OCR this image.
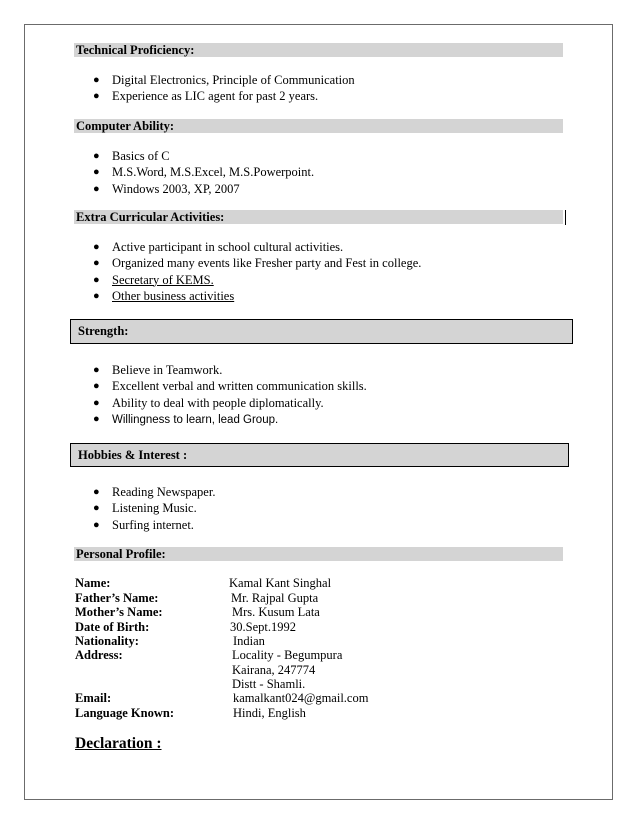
Technical Proficiency:
● Digital Electronics, Principle of Communication
● Experience as LIC agent for past 2 years.
Computer Ability:
● Basics of C
● M.S.Word, M.S.Excel, M.S.Powerpoint.
● Windows 2003, XP, 2007
Extra Curricular Activities:
● Active participant in school cultural activities.
● Organized many events like Fresher party and Fest in college.
● Secretary of KEMS.
● Other business activities
Strength:
● Believe in Teamwork.
● Excellent verbal and written communication skills.
● Ability to deal with people diplomatically.
● Willingness to learn, lead Group.
Hobbies & Interest :
● Reading Newspaper.
● Listening Music.
● Surfing internet.
Personal Profile:
Name:	Kamal Kant Singhal
Father’s Name:	Mr. Rajpal Gupta
Mother’s Name:	Mrs. Kusum Lata
Date of Birth:	30.Sept.1992
Nationality:	Indian
Address:	Locality - Begumpura
Kairana, 247774
Distt - Shamli.
Email:	kamalkant024@gmail.com
Language Known:	Hindi, English
Declaration :
